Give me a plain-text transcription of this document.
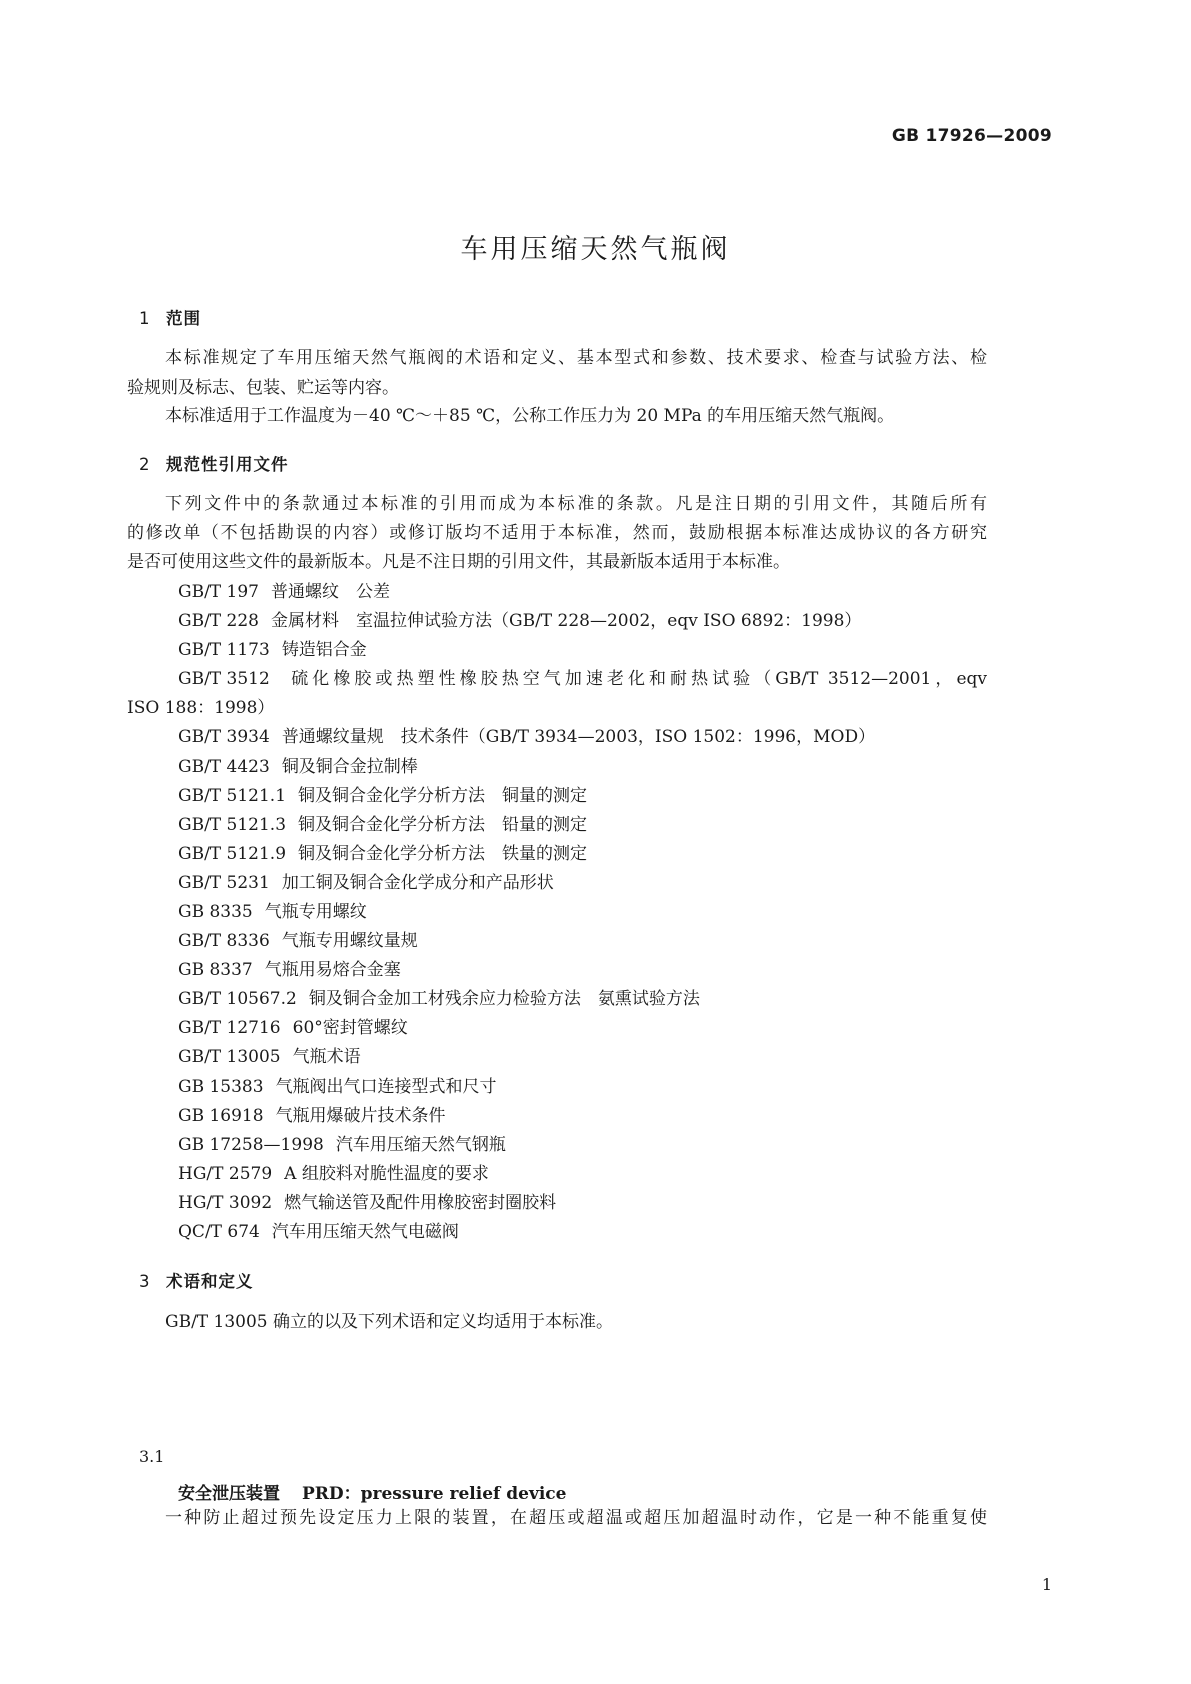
GB 17926—2009
车用压缩天然气瓶阀
1 范围
本标准规定了车用压缩天然气瓶阀的术语和定义、基本型式和参数、技术要求、检查与试验方法、检
验规则及标志、包装、贮运等内容。
本标准适用于工作温度为－40 ℃～＋85 ℃，公称工作压力为 20 MPa 的车用压缩天然气瓶阀。
2 规范性引用文件
下列文件中的条款通过本标准的引用而成为本标准的条款。凡是注日期的引用文件，其随后所有
的修改单（不包括勘误的内容）或修订版均不适用于本标准，然而，鼓励根据本标准达成协议的各方研究
是否可使用这些文件的最新版本。凡是不注日期的引用文件，其最新版本适用于本标准。
GB/T 197 普通螺纹　公差
GB/T 228 金属材料　室温拉伸试验方法（GB/T 228—2002，eqv ISO 6892：1998）
GB/T 1173 铸造铝合金
GB/T 3512 硫化橡胶或热塑性橡胶热空气加速老化和耐热试验（GB/T 3512—2001，eqv
ISO 188：1998）
GB/T 3934 普通螺纹量规　技术条件（GB/T 3934—2003，ISO 1502：1996，MOD）
GB/T 4423 铜及铜合金拉制棒
GB/T 5121.1 铜及铜合金化学分析方法　铜量的测定
GB/T 5121.3 铜及铜合金化学分析方法　铅量的测定
GB/T 5121.9 铜及铜合金化学分析方法　铁量的测定
GB/T 5231 加工铜及铜合金化学成分和产品形状
GB 8335 气瓶专用螺纹
GB/T 8336 气瓶专用螺纹量规
GB 8337 气瓶用易熔合金塞
GB/T 10567.2 铜及铜合金加工材残余应力检验方法　氨熏试验方法
GB/T 12716 60°密封管螺纹
GB/T 13005 气瓶术语
GB 15383 气瓶阀出气口连接型式和尺寸
GB 16918 气瓶用爆破片技术条件
GB 17258—1998 汽车用压缩天然气钢瓶
HG/T 2579 A 组胶料对脆性温度的要求
HG/T 3092 燃气输送管及配件用橡胶密封圈胶料
QC/T 674 汽车用压缩天然气电磁阀
3 术语和定义
GB/T 13005 确立的以及下列术语和定义均适用于本标准。
3.1
安全泄压装置 PRD：pressure relief device
一种防止超过预先设定压力上限的装置，在超压或超温或超压加超温时动作，它是一种不能重复使
1
